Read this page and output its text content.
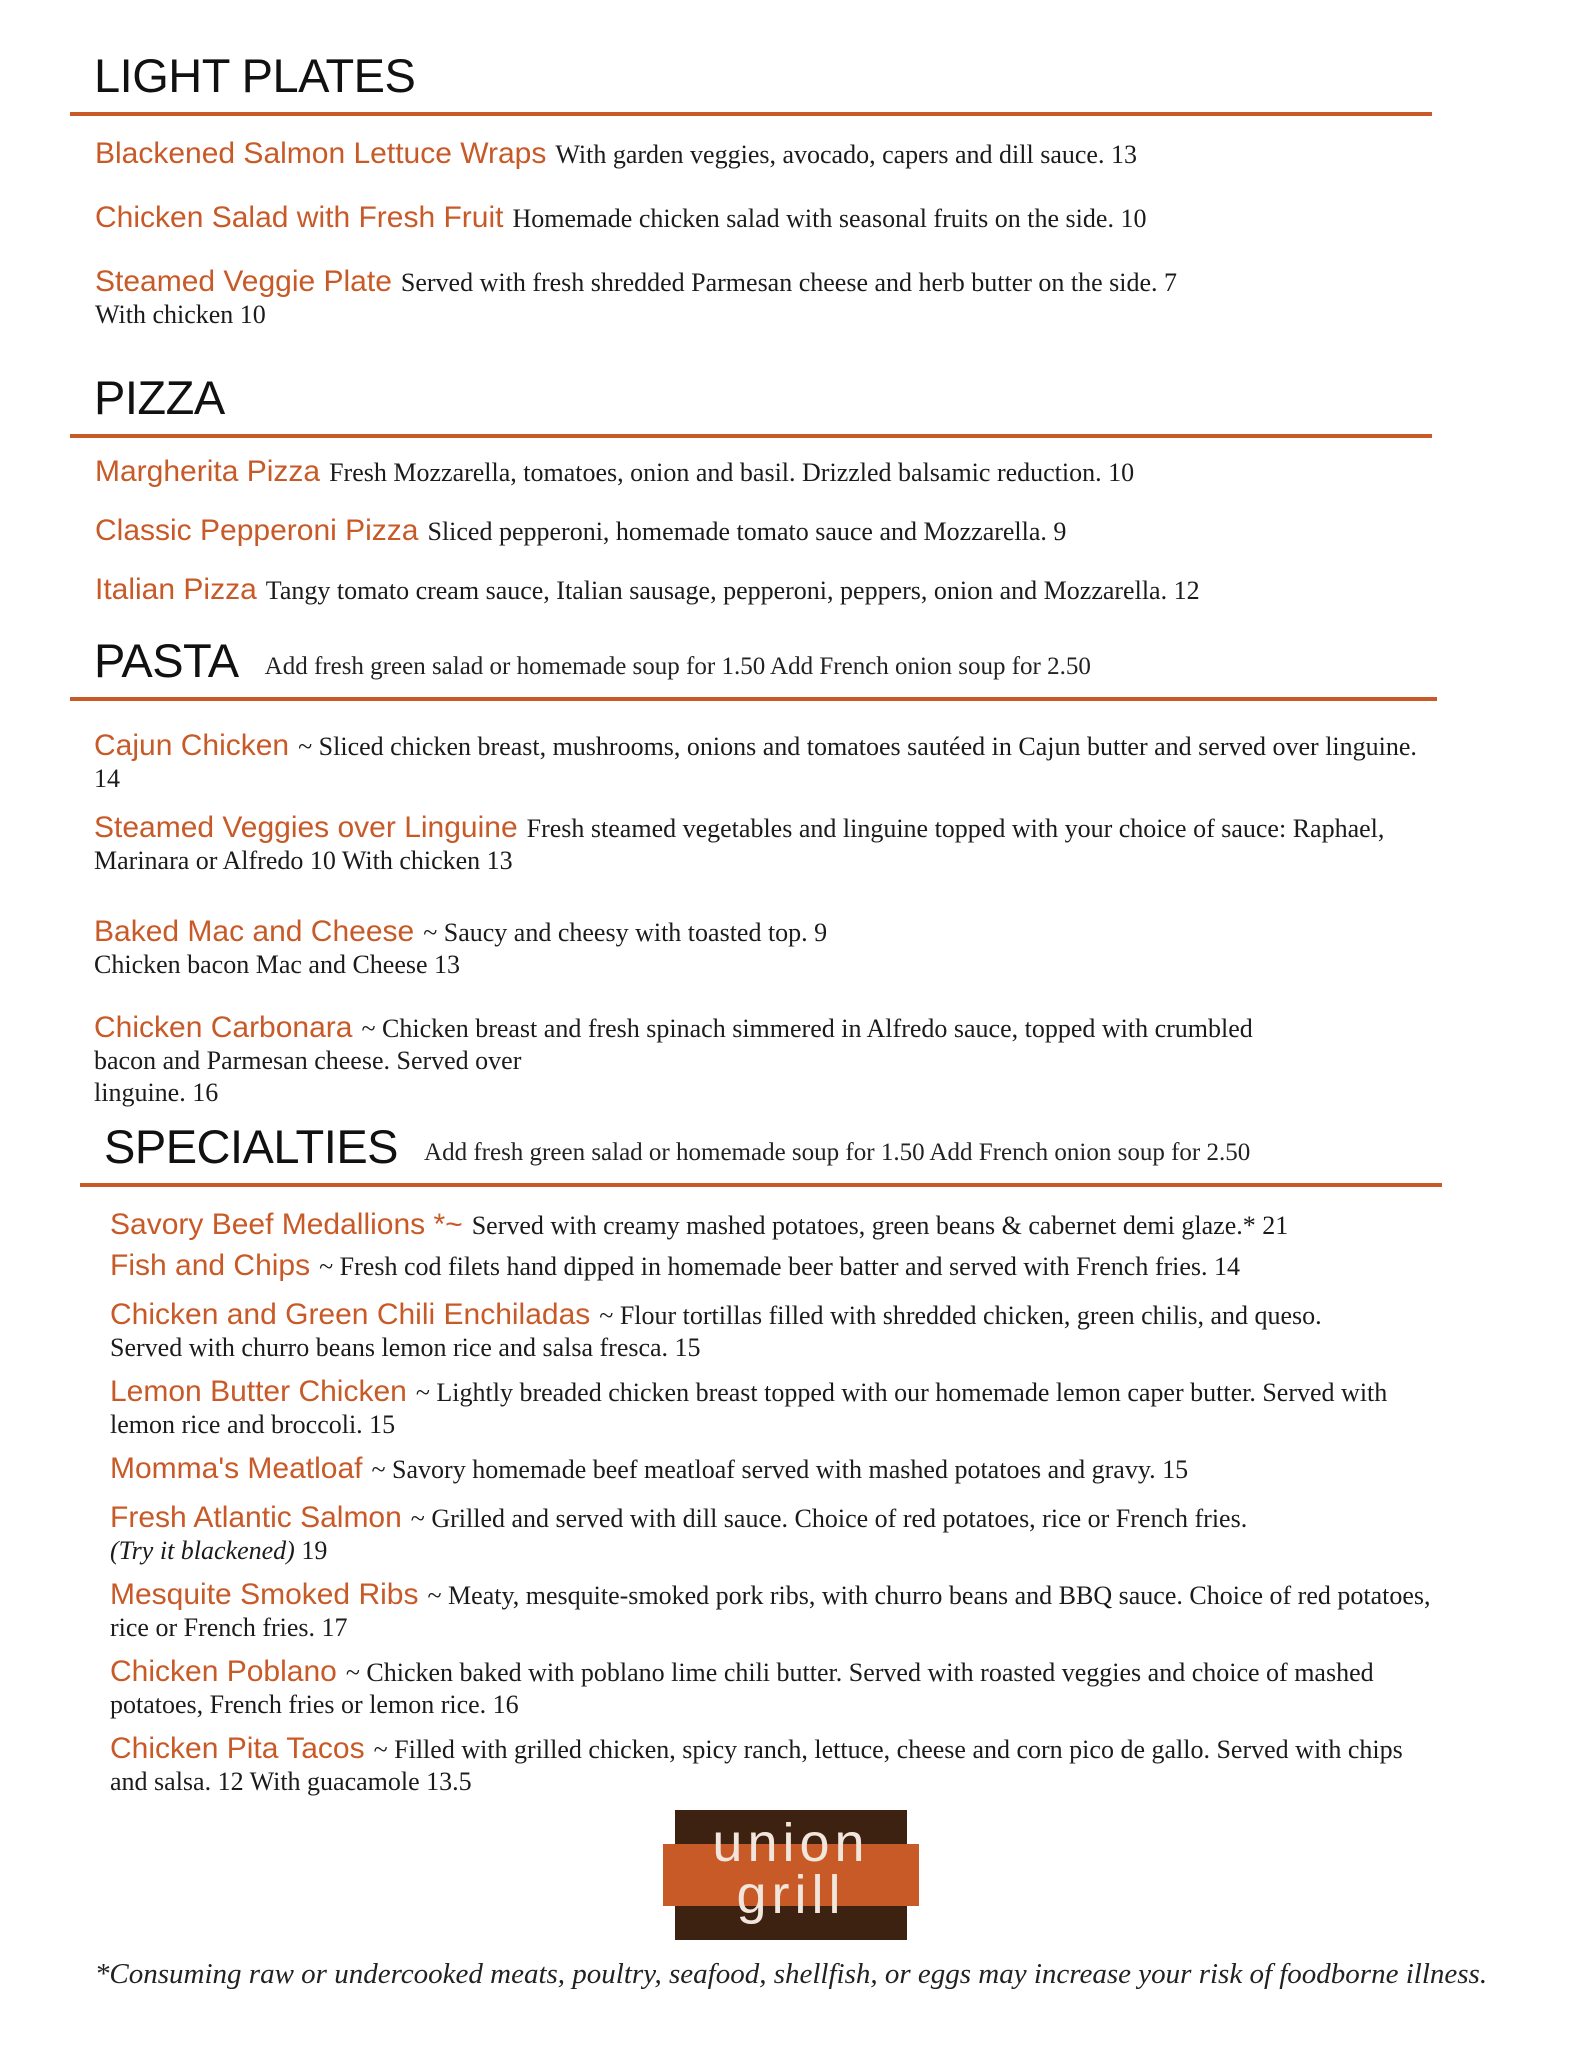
LIGHT PLATES
Blackened Salmon Lettuce Wraps With garden veggies, avocado, capers and dill sauce. 13
Chicken Salad with Fresh Fruit Homemade chicken salad with seasonal fruits on the side. 10
Steamed Veggie Plate Served with fresh shredded Parmesan cheese and herb butter on the side. 7
With chicken 10
PIZZA
Margherita Pizza Fresh Mozzarella, tomatoes, onion and basil. Drizzled balsamic reduction. 10
Classic Pepperoni Pizza Sliced pepperoni, homemade tomato sauce and Mozzarella. 9
Italian Pizza Tangy tomato cream sauce, Italian sausage, pepperoni, peppers, onion and Mozzarella. 12
PASTA Add fresh green salad or homemade soup for 1.50 Add French onion soup for 2.50
Cajun Chicken ~ Sliced chicken breast, mushrooms, onions and tomatoes sautéed in Cajun butter and served over linguine. 14
Steamed Veggies over Linguine Fresh steamed vegetables and linguine topped with your choice of sauce: Raphael, Marinara or Alfredo 10 With chicken 13
Baked Mac and Cheese ~ Saucy and cheesy with toasted top. 9
Chicken bacon Mac and Cheese 13
Chicken Carbonara ~ Chicken breast and fresh spinach simmered in Alfredo sauce, topped with crumbled bacon and Parmesan cheese. Served over
linguine. 16
SPECIALTIES Add fresh green salad or homemade soup for 1.50 Add French onion soup for 2.50
Savory Beef Medallions *~ Served with creamy mashed potatoes, green beans & cabernet demi glaze.* 21
Fish and Chips ~ Fresh cod filets hand dipped in homemade beer batter and served with French fries. 14
Chicken and Green Chili Enchiladas ~ Flour tortillas filled with shredded chicken, green chilis, and queso. Served with churro beans lemon rice and salsa fresca. 15
Lemon Butter Chicken ~ Lightly breaded chicken breast topped with our homemade lemon caper butter. Served with lemon rice and broccoli. 15
Momma's Meatloaf ~ Savory homemade beef meatloaf served with mashed potatoes and gravy. 15
Fresh Atlantic Salmon ~ Grilled and served with dill sauce. Choice of red potatoes, rice or French fries.
(Try it blackened) 19
Mesquite Smoked Ribs ~ Meaty, mesquite-smoked pork ribs, with churro beans and BBQ sauce. Choice of red potatoes, rice or French fries. 17
Chicken Poblano ~ Chicken baked with poblano lime chili butter. Served with roasted veggies and choice of mashed potatoes, French fries or lemon rice. 16
Chicken Pita Tacos ~ Filled with grilled chicken, spicy ranch, lettuce, cheese and corn pico de gallo. Served with chips and salsa. 12 With guacamole 13.5
union
grill
*Consuming raw or undercooked meats, poultry, seafood, shellfish, or eggs may increase your risk of foodborne illness.
